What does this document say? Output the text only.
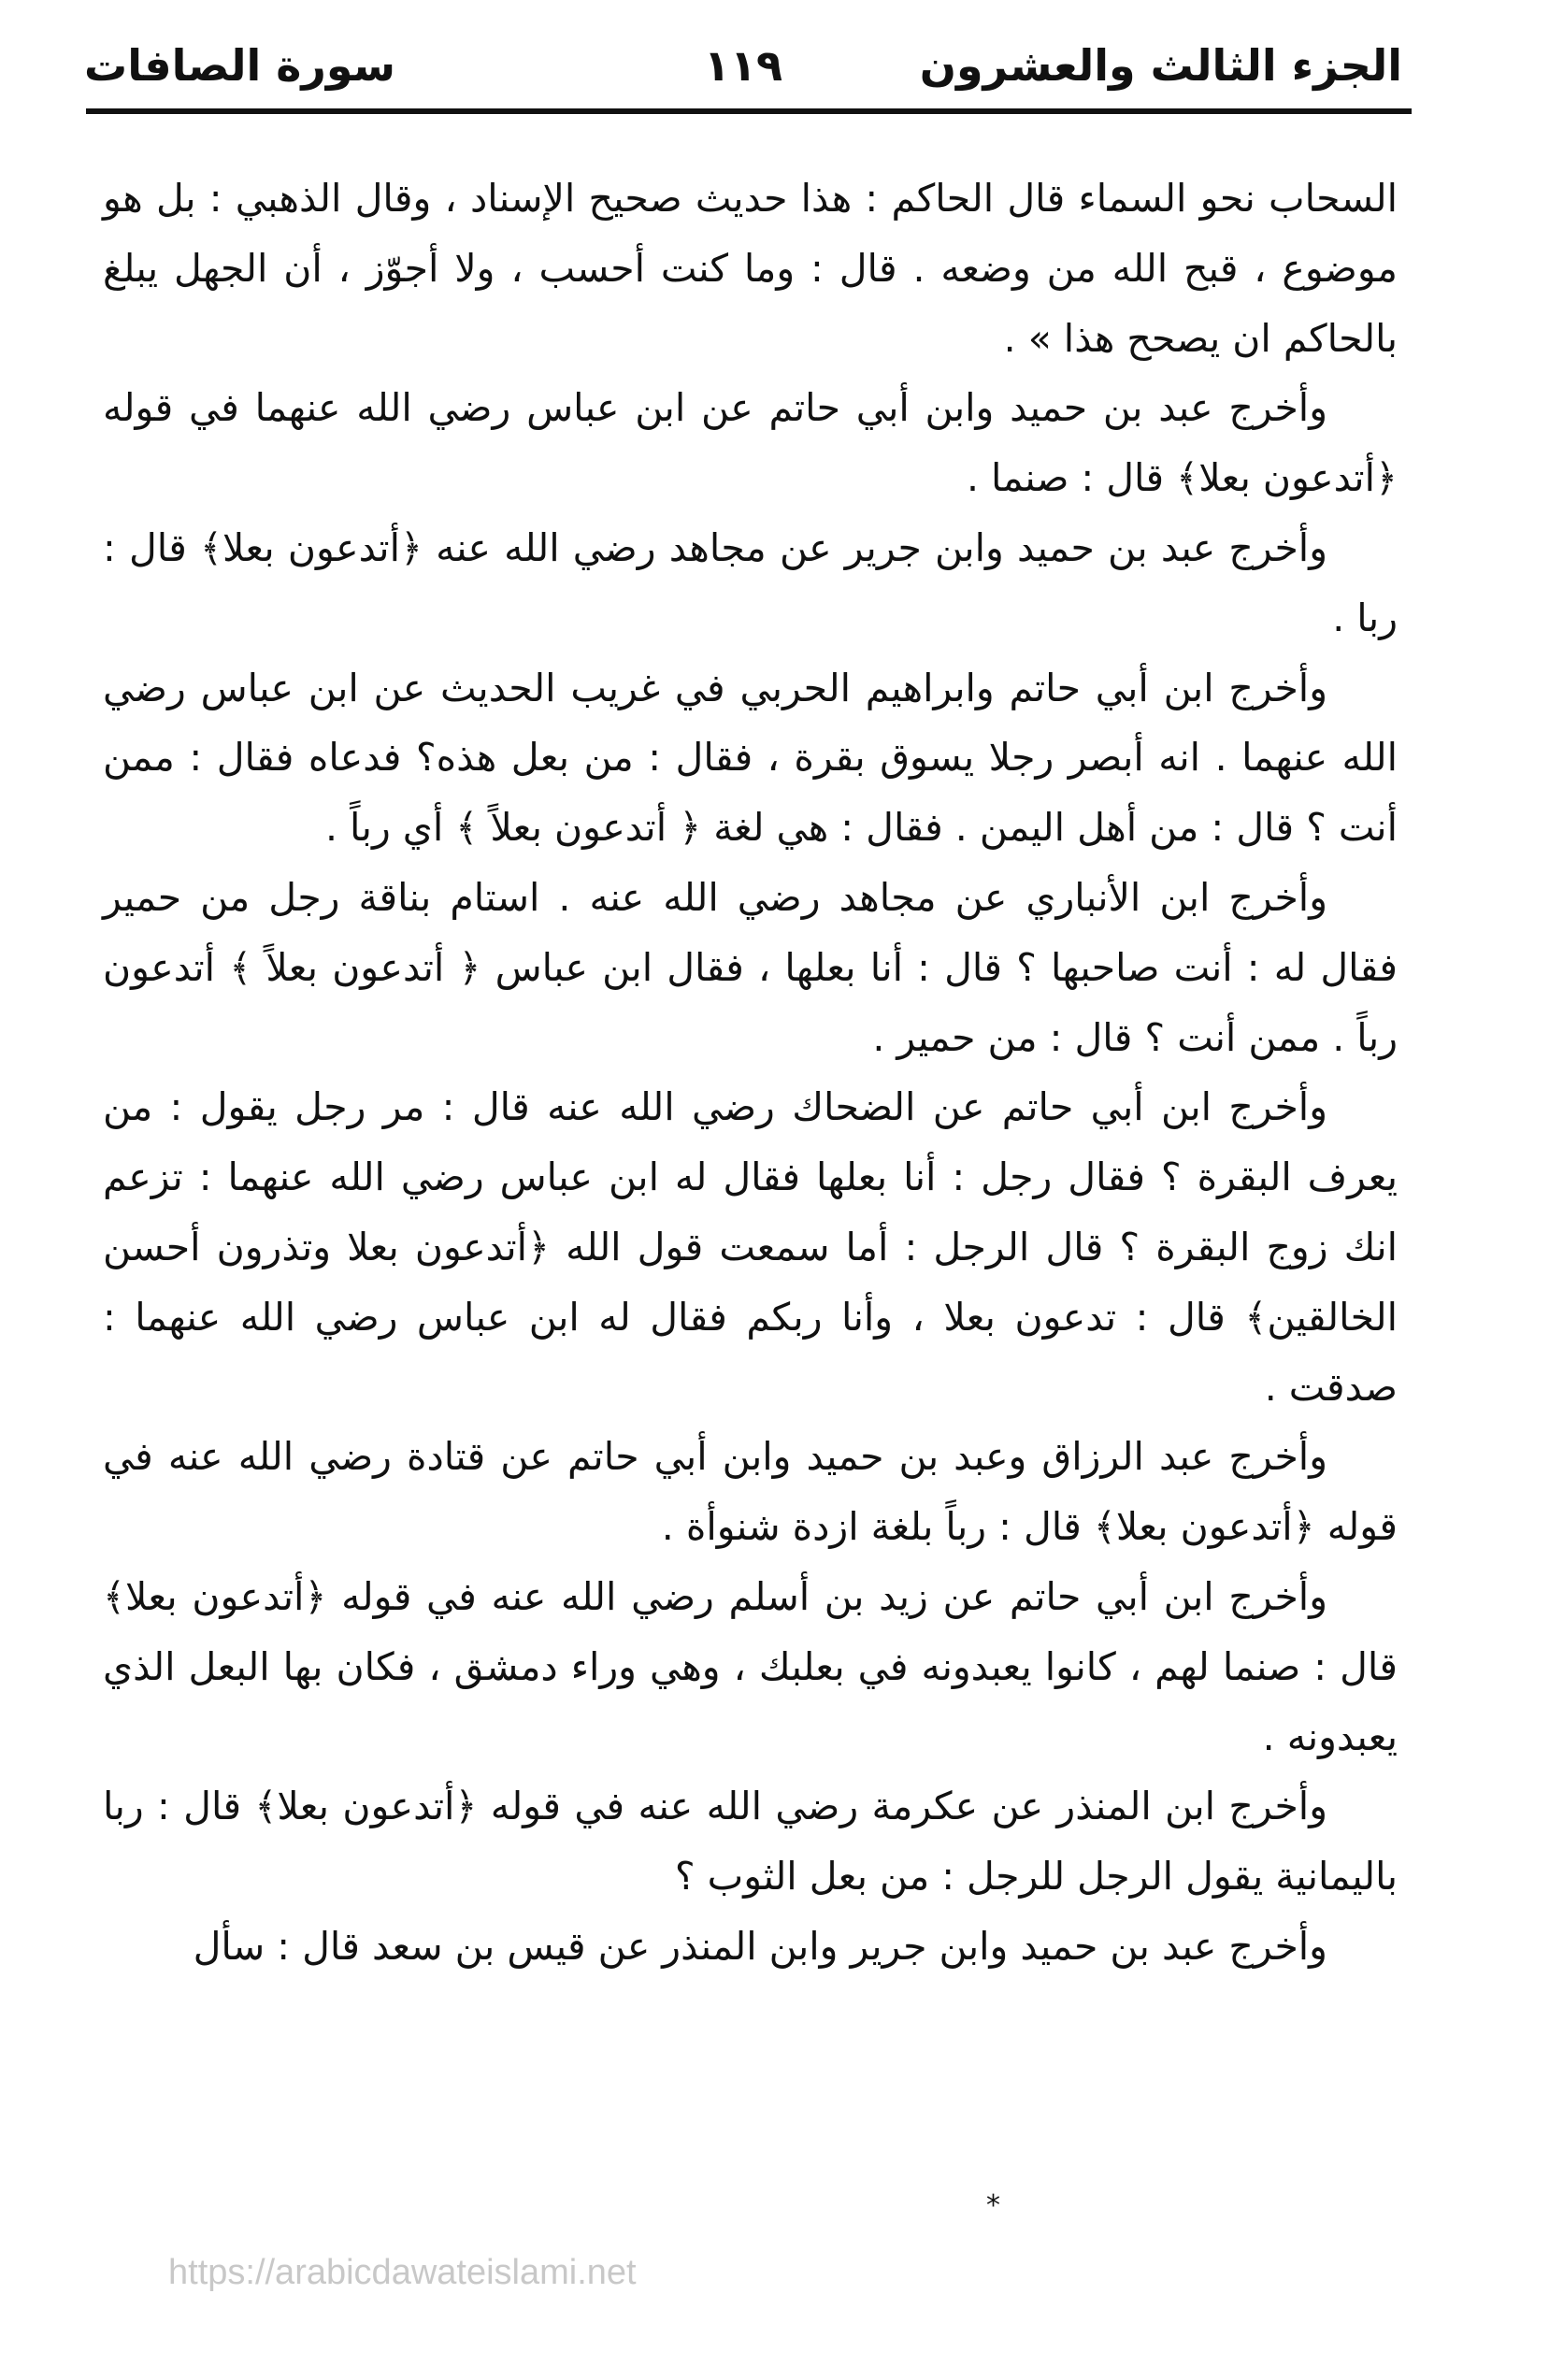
الجزء الثالث والعشرون
١١٩
سورة الصافات

السحاب نحو السماء قال الحاكم : هذا حديث صحيح الإسناد ، وقال الذهبي : بل هو موضوع ، قبح الله من وضعه . قال : وما كنت أحسب ، ولا أجوّز ، أن الجهل يبلغ بالحاكم ان يصحح هذا » .

وأخرج عبد بن حميد وابن أبي حاتم عن ابن عباس رضي الله عنهما في قوله ﴿أتدعون بعلا﴾ قال : صنما .

وأخرج عبد بن حميد وابن جرير عن مجاهد رضي الله عنه ﴿أتدعون بعلا﴾ قال : ربا .

وأخرج ابن أبي حاتم وابراهيم الحربي في غريب الحديث عن ابن عباس رضي الله عنهما . انه أبصر رجلا يسوق بقرة ، فقال : من بعل هذه؟ فدعاه فقال : ممن أنت ؟ قال : من أهل اليمن . فقال : هي لغة ﴿ أتدعون بعلاً ﴾ أي رباً .

وأخرج ابن الأنباري عن مجاهد رضي الله عنه . استام بناقة رجل من حمير فقال له : أنت صاحبها ؟ قال : أنا بعلها ، فقال ابن عباس ﴿ أتدعون بعلاً ﴾ أتدعون رباً . ممن أنت ؟ قال : من حمير .

وأخرج ابن أبي حاتم عن الضحاك رضي الله عنه قال : مر رجل يقول : من يعرف البقرة ؟ فقال رجل : أنا بعلها فقال له ابن عباس رضي الله عنهما : تزعم انك زوج البقرة ؟ قال الرجل : أما سمعت قول الله ﴿أتدعون بعلا وتذرون أحسن الخالقين﴾ قال : تدعون بعلا ، وأنا ربكم فقال له ابن عباس رضي الله عنهما : صدقت .

وأخرج عبد الرزاق وعبد بن حميد وابن أبي حاتم عن قتادة رضي الله عنه في قوله ﴿أتدعون بعلا﴾ قال : رباً بلغة ازدة شنوأة .

وأخرج ابن أبي حاتم عن زيد بن أسلم رضي الله عنه في قوله ﴿أتدعون بعلا﴾ قال : صنما لهم ، كانوا يعبدونه في بعلبك ، وهي وراء دمشق ، فكان بها البعل الذي يعبدونه .

وأخرج ابن المنذر عن عكرمة رضي الله عنه في قوله ﴿أتدعون بعلا﴾ قال : ربا باليمانية يقول الرجل للرجل : من بعل الثوب ؟

وأخرج عبد بن حميد وابن جرير وابن المنذر عن قيس بن سعد قال : سأل

*
https://arabicdawateislami.net
